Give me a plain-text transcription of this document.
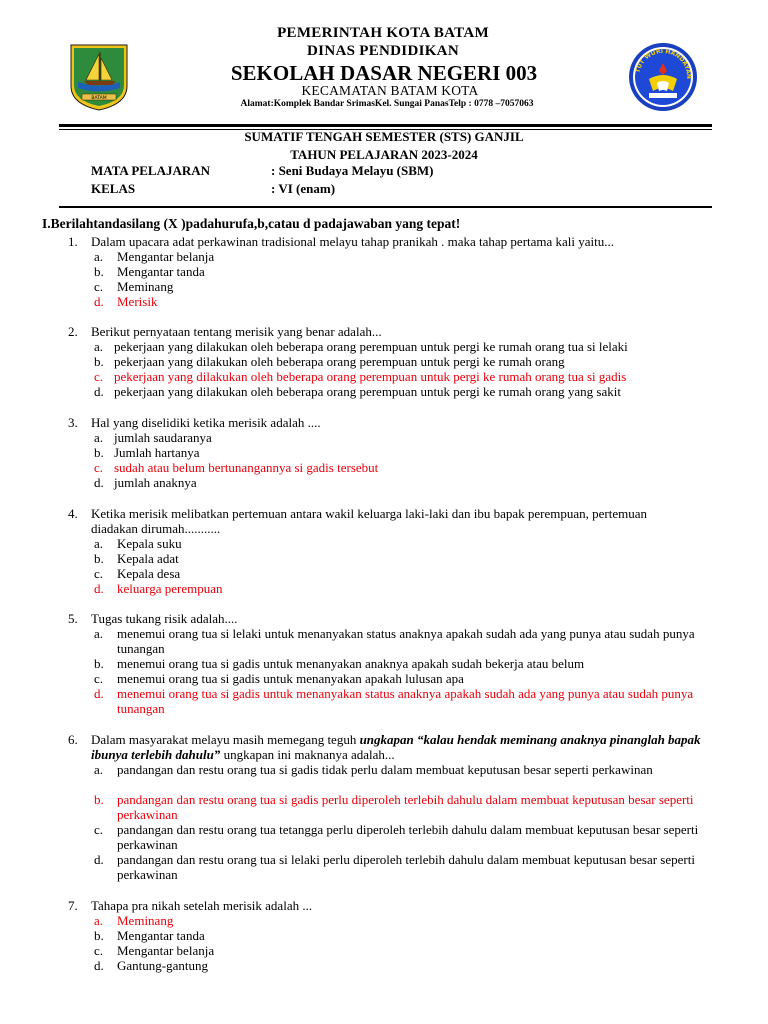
BATAM
PEMERINTAH KOTA BATAM
DINAS PENDIDIKAN
SEKOLAH DASAR NEGERI 003
KECAMATAN BATAM KOTA
Alamat:Komplek Bandar SrimasKel. Sungai PanasTelp : 0778 –7057063
TUT WURI HANDAYAN
SUMATIF TENGAH SEMESTER (STS) GANJIL
TAHUN PELAJARAN 2023-2024
MATA PELAJARAN	: Seni Budaya Melayu (SBM)
KELAS	: VI (enam)
I.Berilahtandasilang (X )padahurufa,b,catau d padajawaban yang tepat!
1. Dalam upacara adat perkawinan tradisional melayu tahap pranikah . maka tahap pertama kali yaitu...
a. Mengantar belanja
b. Mengantar tanda
c. Meminang
d. Merisik
2. Berikut pernyataan tentang merisik yang benar adalah...
a. pekerjaan yang dilakukan oleh beberapa orang perempuan untuk pergi ke rumah orang tua si lelaki
b. pekerjaan yang dilakukan oleh beberapa orang perempuan untuk pergi ke rumah orang
c. pekerjaan yang dilakukan oleh beberapa orang perempuan untuk pergi ke rumah orang tua si gadis
d. pekerjaan yang dilakukan oleh beberapa orang perempuan untuk pergi ke rumah orang yang sakit
3. Hal yang diselidiki ketika merisik adalah ....
a. jumlah saudaranya
b. Jumlah hartanya
c. sudah atau belum bertunangannya si gadis tersebut
d. jumlah anaknya
4. Ketika merisik melibatkan pertemuan antara wakil keluarga laki-laki dan ibu bapak perempuan, pertemuan diadakan dirumah...........
a. Kepala suku
b. Kepala adat
c. Kepala desa
d. keluarga perempuan
5. Tugas tukang risik adalah....
a. menemui orang tua si lelaki untuk menanyakan status anaknya apakah sudah ada yang punya atau sudah punya tunangan
b. menemui orang tua si gadis untuk menanyakan anaknya apakah sudah bekerja atau belum
c. menemui orang tua si gadis untuk menanyakan apakah lulusan apa
d. menemui orang tua si gadis untuk menanyakan status anaknya apakah sudah ada yang punya atau sudah punya tunangan
6. Dalam masyarakat melayu masih memegang teguh ungkapan “kalau hendak meminang anaknya pinanglah bapak ibunya terlebih dahulu” ungkapan ini maknanya adalah...
a. pandangan dan restu orang tua si gadis tidak perlu dalam membuat keputusan besar seperti perkawinan
b. pandangan dan restu orang tua si gadis perlu diperoleh terlebih dahulu dalam membuat keputusan besar seperti perkawinan
c. pandangan dan restu orang tua tetangga perlu diperoleh terlebih dahulu dalam membuat keputusan besar seperti perkawinan
d. pandangan dan restu orang tua si lelaki perlu diperoleh terlebih dahulu dalam membuat keputusan besar seperti perkawinan
7. Tahapa pra nikah setelah merisik adalah ...
a. Meminang
b. Mengantar tanda
c. Mengantar belanja
d. Gantung-gantung
